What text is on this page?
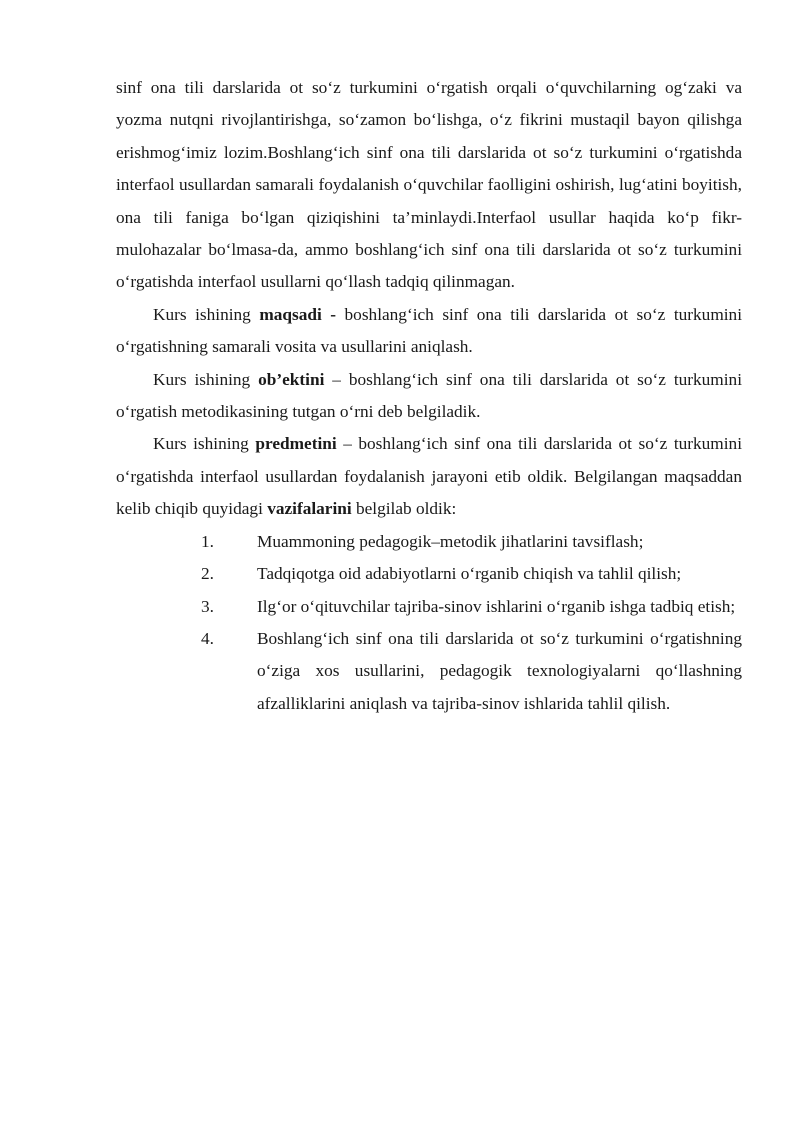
sinf ona tili darslarida ot so‘z turkumini o‘rgatish orqali o‘quvchilarning og‘zaki va yozma nutqni rivojlantirishga, so‘zamon bo‘lishga, o‘z fikrini mustaqil bayon qilishga erishmog‘imiz lozim.Boshlang‘ich sinf ona tili darslarida ot so‘z turkumini o‘rgatishda interfaol usullardan samarali foydalanish o‘quvchilar faolligini oshirish, lug‘atini boyitish, ona tili faniga bo‘lgan qiziqishini ta’minlaydi.Interfaol usullar haqida ko‘p fikr-mulohazalar bo‘lmasa-da, ammo boshlang‘ich sinf ona tili darslarida ot so‘z turkumini o‘rgatishda interfaol usullarni qo‘llash tadqiq qilinmagan.

Kurs ishining maqsadi - boshlang‘ich sinf ona tili darslarida ot so‘z turkumini o‘rgatishning samarali vosita va usullarini aniqlash.

Kurs ishining ob’ektini – boshlang‘ich sinf ona tili darslarida ot so‘z turkumini o‘rgatish metodikasining tutgan o‘rni deb belgiladik.

Kurs ishining predmetini – boshlang‘ich sinf ona tili darslarida ot so‘z turkumini o‘rgatishda interfaol usullardan foydalanish jarayoni etib oldik. Belgilangan maqsaddan kelib chiqib quyidagi vazifalarini belgilab oldik:

1. Muammoning pedagogik–metodik jihatlarini tavsiflash;
2. Tadqiqotga oid adabiyotlarni o‘rganib chiqish va tahlil qilish;
3. Ilg‘or o‘qituvchilar tajriba-sinov ishlarini o‘rganib ishga tadbiq etish;
4. Boshlang‘ich sinf ona tili darslarida ot so‘z turkumini o‘rgatishning o‘ziga xos usullarini, pedagogik texnologiyalarni qo‘llashning afzalliklarini aniqlash va tajriba-sinov ishlarida tahlil qilish.
